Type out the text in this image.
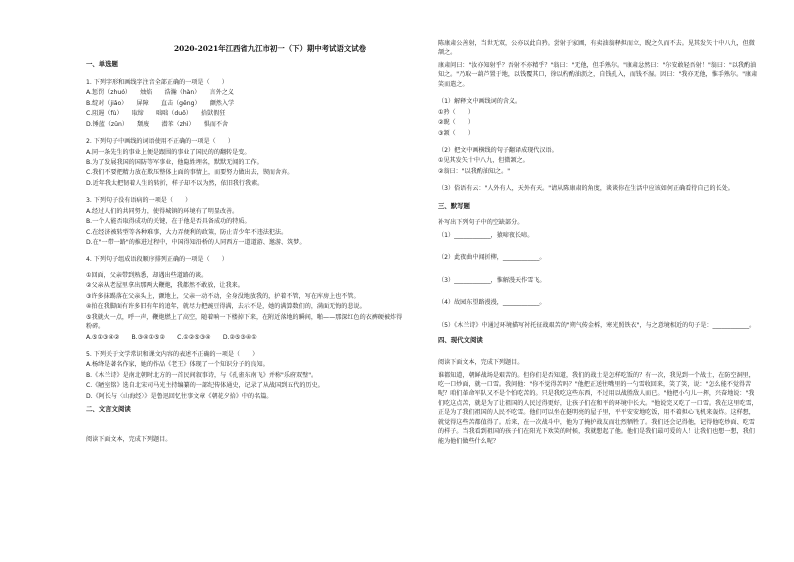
2020-2021年江西省九江市初一（下）期中考试语文试卷
一、单选题
1. 下列字形和画线字注音全部正确的一项是（　　）
A.惩罚（zhuó）　　烛焰　　浩瀚（hàn）　　言外之义
B.绽对（jiǎo）　　屏障　　直击（gēng）　　颤然入学
C.阻遏（fù）　　取缔　　咄咄（duō）　　拾獃假狂
D.锤蓝（zūn）　　颓废　　潜苯（zhì）　　惧而不舍
2. 下列句子中画线的词语使用不正确的一项是（　　）
A.同一条先生的事业上便是跟围的事业了国民的的翻转是变。
B.为了发展我国的国防等军事业，他隐姓埋名，默默无闻的工作。
C.我们不要把精力放在欺压整体上面的事情上，而要努力做出去，锲而舍弃。
D.近年我太把韧着人生的转折，样子却不以为然，依旧我行我素。
3. 下列句子没有语病的一项是（　　）
A.经过人们的共同努力，使得城镇的环境有了明显改善。
B.一个人能否取得成功的关键，在于他是否具备成功的特质。
C.在经济被转型等各种难事，大力弄便利的政策，防止青少年不违法犯法。
D.在"一带一路"的推进过程中，中国得知沿桥的人同西方一道道游、邀游、筑梦。
4. 下列句子组成语段顺序排列正确的一项是（　　）
①回面，父亲带到熟悉，却遇出些道路的谈。
②父亲从老屋里拿出那两大鞭炮，我都然不敢放，让我来。
③许多抹踢落在父亲头上，颤地上，父亲一动不动，全身没地放我的，护着不管，写在库房上也不管。
④拍在我脚面有许多旧有年的追年，就尽力把豌豆得满，去示不是，她的满算数们的，满面无悔的悲说。
⑤我就火一点，呼一声，鞭炮燃上了高空，随着响一下楼掉下来，在附近落地的瞬间，啪——那深红色的衣裤硬被炸得粉碎。
A.⑤①③④②　　B.③④①⑤②　　C.①②⑤③④　　D.②⑤③④①
5. 下列关于文学常识和课文内容的表述不正确的一项是（　　）
A.杨绛是著名作家，她的作品《老王》体现了一个知识分子的良知。
B.《木兰诗》是南北朝时北方的一首民间叙事诗，与《孔雀东南飞》并称"乐府双璧"。
C.《陋室铭》选自北宋司马光主持编纂的一部纪传体通史，记录了从战国到五代的历史。
D.《阿长与〈山海经〉》是鲁迅回忆往事文章《朝花夕拾》中的名篇。
二、文言文阅读
阅读下面文本，完成下列题目。
陈康肃公善射，当世无双，公亦以此自矜。尝射于家圃，有卖油翁释担而立，睨之久而不去。见其发矢十中八九，但微颔之。
康肃问曰："汝亦知射乎？吾射不亦精乎？"翁曰："无他，但手熟尔。"康肃忿然曰："尔安敢轻吾射！"翁曰："以我酌油知之。"乃取一葫芦置于地，以钱覆其口，徐以杓酌油沥之，自钱孔入，而钱不湿。因曰："我亦无他，惟手熟尔。"康肃笑而遣之。
（1）解释文中画线词的含义。
①矜（　　）
②睨（　　）
③颔（　　）
（2）把文中画横线的句子翻译成现代汉语。
①见其发矢十中八九，但微颔之。
②翁曰："以我酌油知之。"
（3）俗语有云："人外有人，天外有天。"请从陈康肃的角度，谈谈你在生活中应该如何正确看待自己的长处。
三、默写题
补写出下列句子中的空缺部分。
（1）____________，猿啼夜长啼。
（2）此夜曲中闻折柳，____________。
（3）____________，惟解漫天作雪飞。
（4）故园东望路漫漫，____________。
（5）《木兰诗》中通过环境描写衬托征战艰苦的"朔气传金柝，寒光照铁衣"，与之意境相近的句子是：____________。
四、现代文阅读
阅读下面文本，完成下列题目。
谁都知道，朝鲜战场是艰苦的。但你们是否知道，我们的战士是怎样吃饭的？有一次，我见到一个战士，在防空洞里，吃一口炒面，就一口雪。我问他："你不觉得苦吗？"他把正送往嘴里的一勺雪收回来，笑了笑，说："怎么能不觉得苦呢？咱们革命军队又不是个怕吃苦的。只是我吃这些东西，不过用以战胜敌人而已。"他把小勺儿一挥，兴奋地说："我们吃这点苦，就是为了让祖国的人民过得更好，让孩子们在和平的环境中长大。"他说完又吃了一口雪。我在这里吃雪，正是为了我们祖国的人民不吃雪。他们可以坐在挺明亮的屋子里，平平安安地吃饭，用不着担心飞机来轰炸。这样想，就觉得这些苦都值得了。后来，在一次战斗中，他为了掩护战友而壮烈牺牲了。我们还会记得他，记得他吃炒面、吃雪的样子。当我看到祖国的孩子们在阳光下欢笑的时候，我就想起了他。他们是我们最可爱的人！让我们也想一想，我们能为他们做些什么呢？
